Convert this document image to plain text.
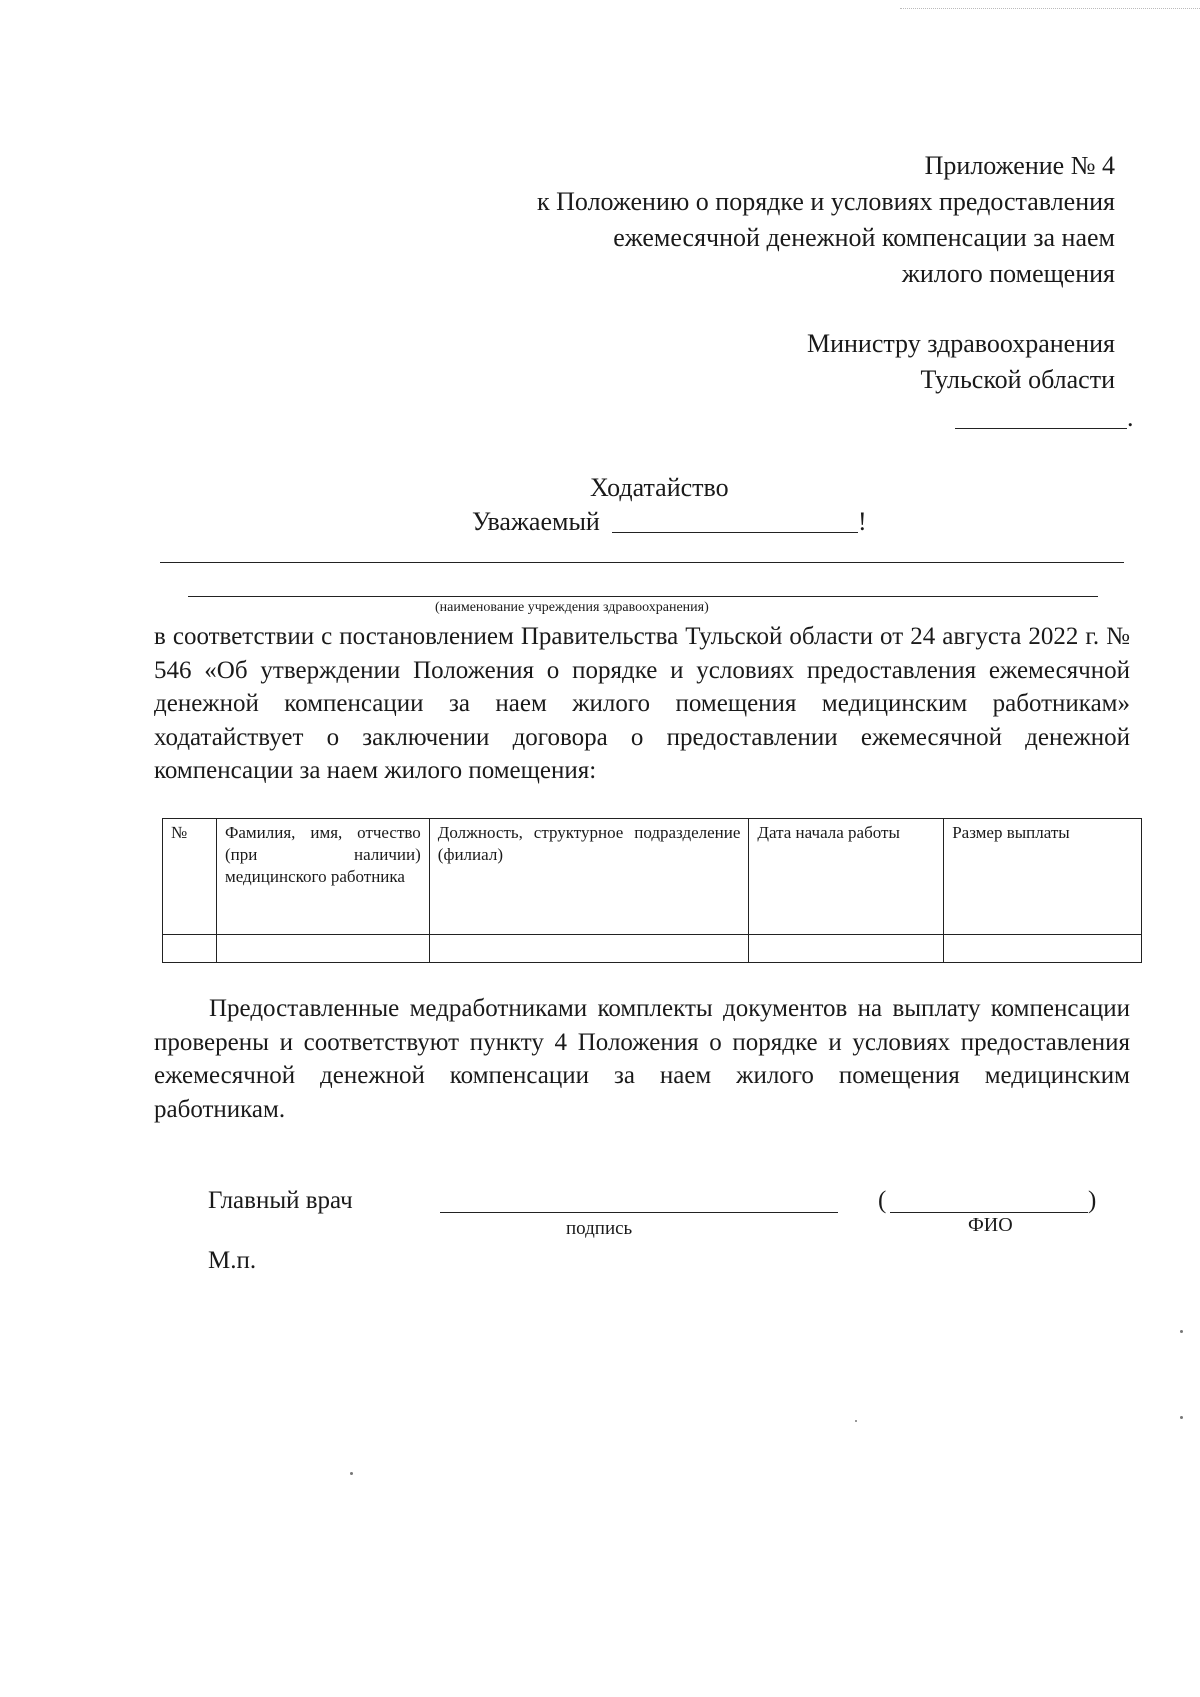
Приложение № 4
к Положению о порядке и условиях предоставления
ежемесячной денежной компенсации за наем
жилого помещения
Министру здравоохранения
Тульской области
.
Ходатайство
Уважаемый	!
(наименование учреждения здравоохранения)
в соответствии с постановлением Правительства Тульской области от 24 августа 2022 г. № 546 «Об утверждении Положения о порядке и условиях предоставления ежемесячной денежной компенсации за наем жилого помещения медицинским работникам» ходатайствует о заключении договора о предоставлении ежемесячной денежной компенсации за наем жилого помещения:
№	Фамилия, имя, отчество (при наличии) медицинского работника	Должность, структурное подразделение (филиал)	Дата начала работы	Размер выплаты

Предоставленные медработниками комплекты документов на выплату компенсации проверены и соответствуют пункту 4 Положения о порядке и условиях предоставления ежемесячной денежной компенсации за наем жилого помещения медицинским работникам.
Главный врач
подпись
(	)
ФИО
М.п.
